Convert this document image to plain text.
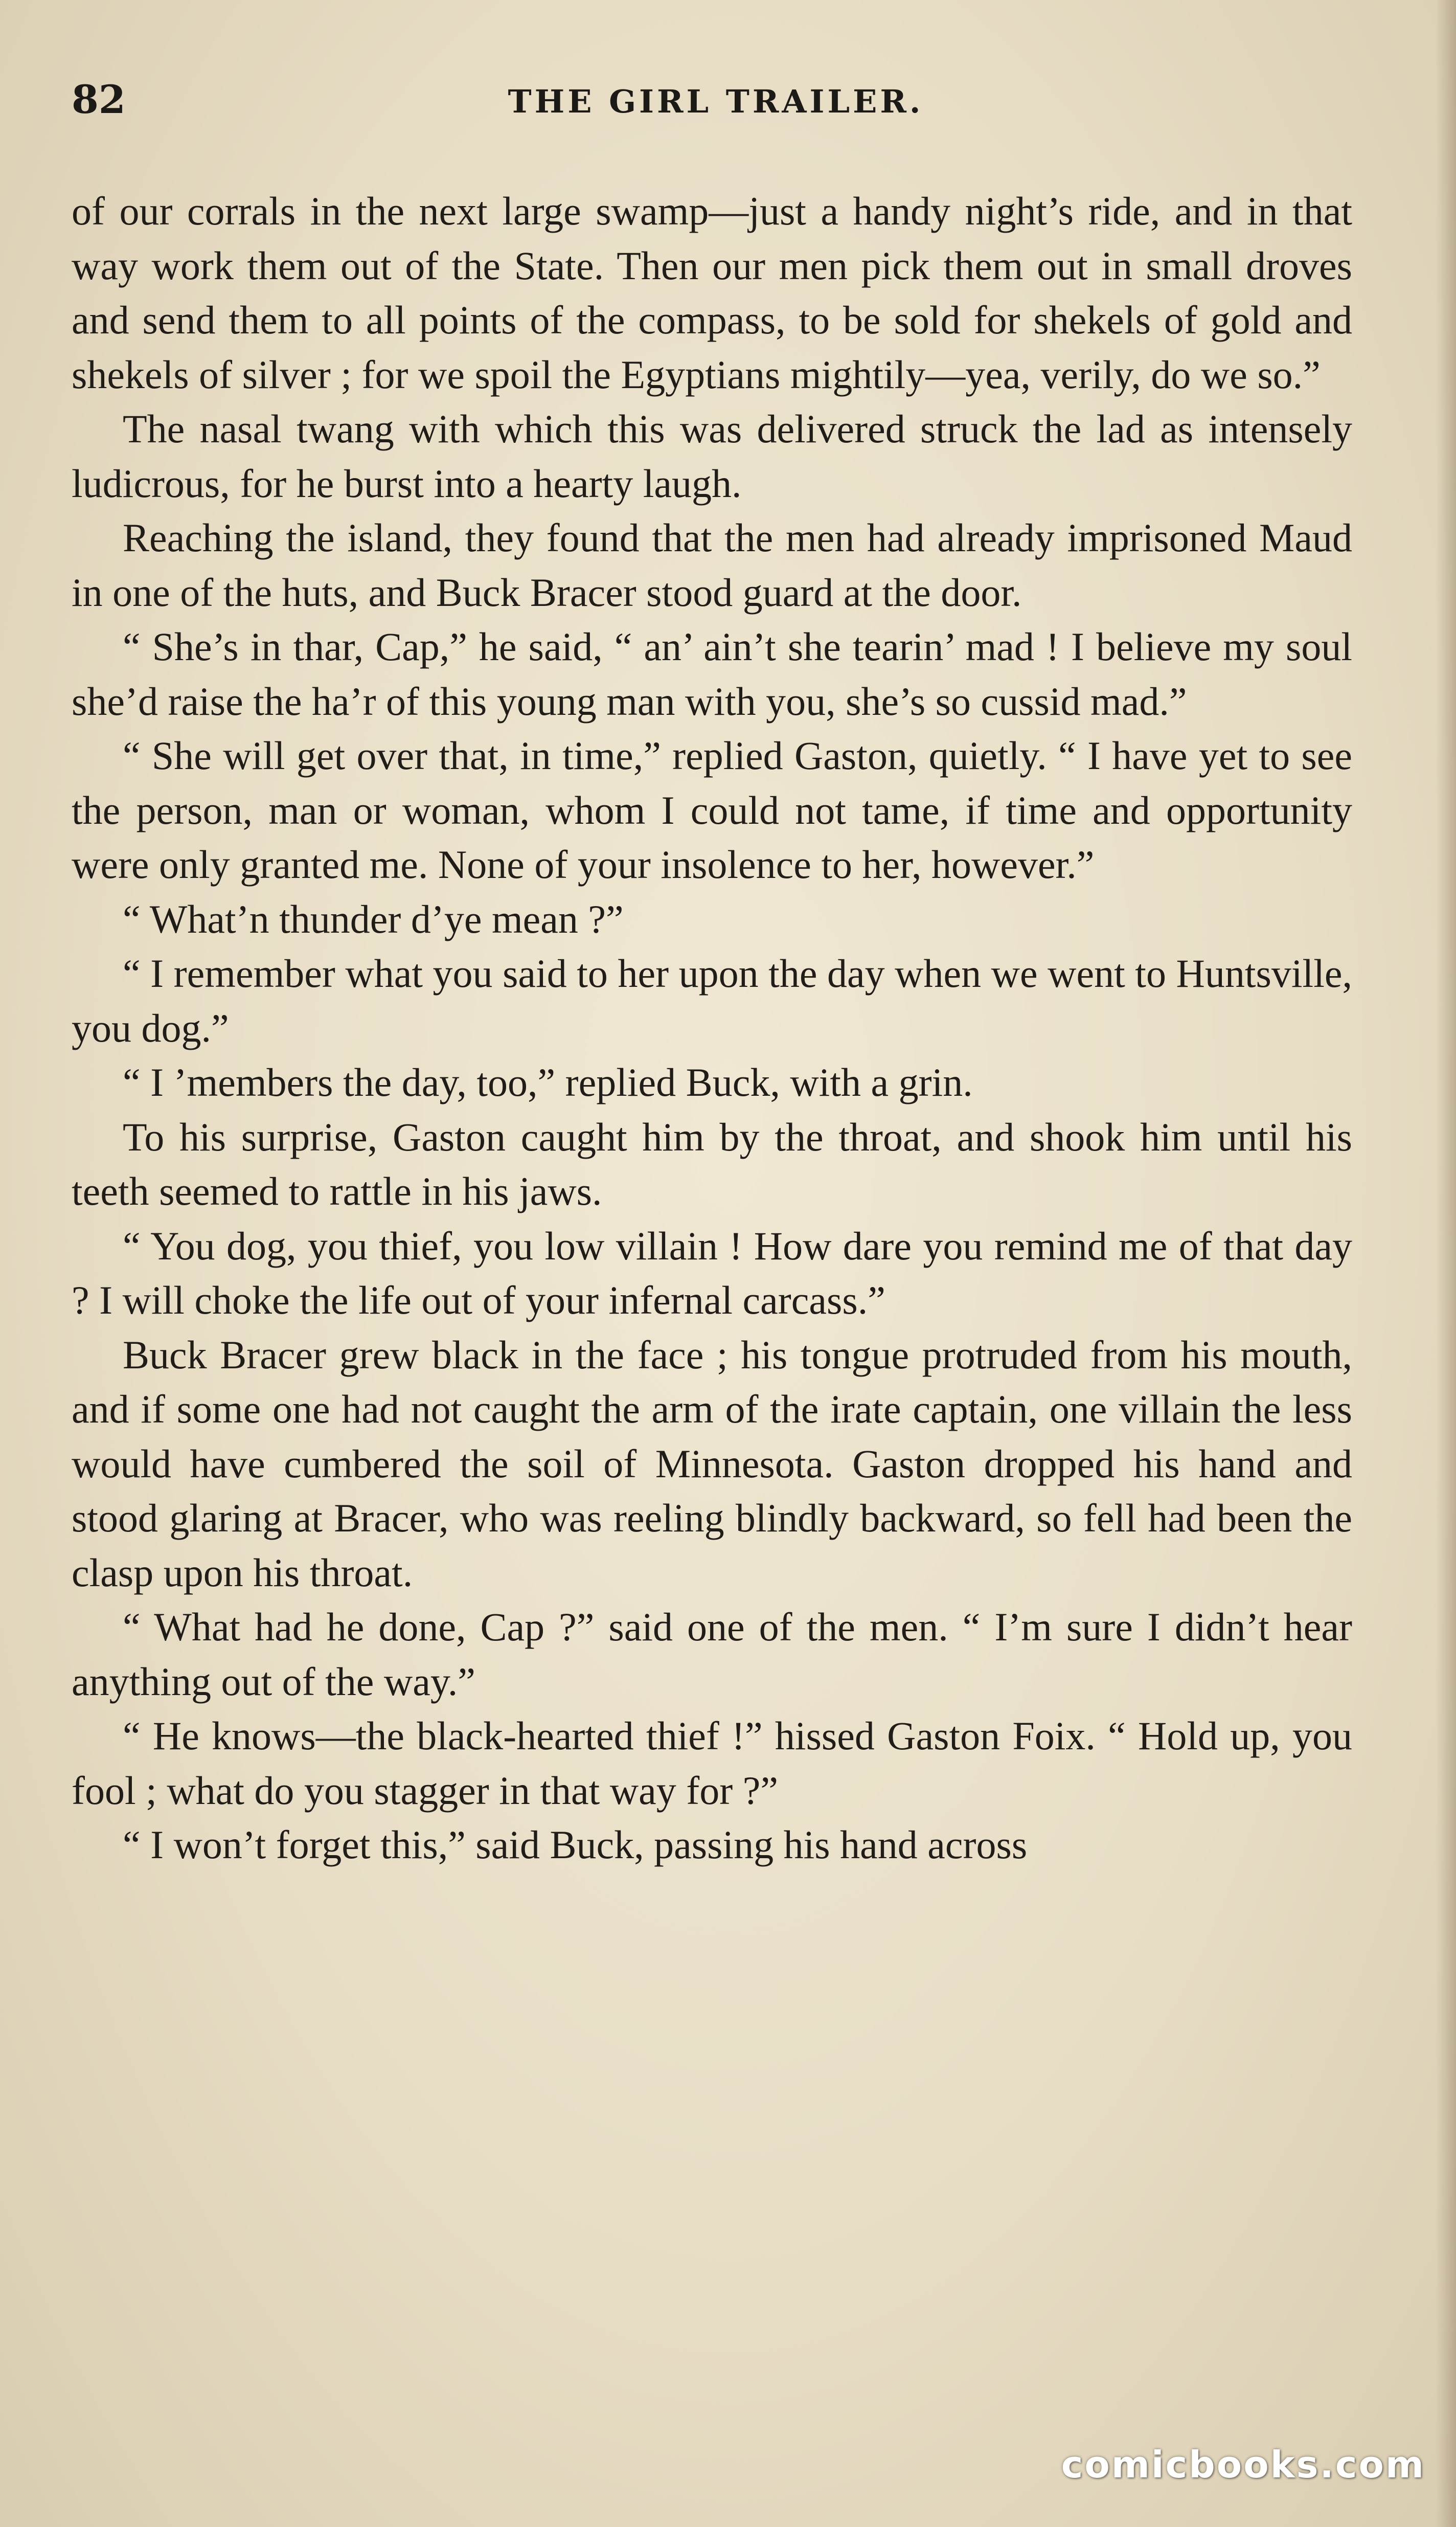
82	THE GIRL TRAILER.

of our corrals in the next large swamp—just a handy night’s ride, and in that way work them out of the State. Then our men pick them out in small droves and send them to all points of the compass, to be sold for shekels of gold and shekels of silver ; for we spoil the Egyptians mightily—yea, verily, do we so.”

The nasal twang with which this was delivered struck the lad as intensely ludicrous, for he burst into a hearty laugh.

Reaching the island, they found that the men had already imprisoned Maud in one of the huts, and Buck Bracer stood guard at the door.

“ She’s in thar, Cap,” he said, “ an’ ain’t she tearin’ mad ! I believe my soul she’d raise the ha’r of this young man with you, she’s so cussid mad.”

“ She will get over that, in time,” replied Gaston, quietly. “ I have yet to see the person, man or woman, whom I could not tame, if time and opportunity were only granted me. None of your insolence to her, however.”

“ What’n thunder d’ye mean ?”

“ I remember what you said to her upon the day when we went to Huntsville, you dog.”

“ I ’members the day, too,” replied Buck, with a grin.

To his surprise, Gaston caught him by the throat, and shook him until his teeth seemed to rattle in his jaws.

“ You dog, you thief, you low villain ! How dare you remind me of that day ? I will choke the life out of your infernal carcass.”

Buck Bracer grew black in the face ; his tongue protruded from his mouth, and if some one had not caught the arm of the irate captain, one villain the less would have cumbered the soil of Minnesota. Gaston dropped his hand and stood glaring at Bracer, who was reeling blindly backward, so fell had been the clasp upon his throat.

“ What had he done, Cap ?” said one of the men. “ I’m sure I didn’t hear anything out of the way.”

“ He knows—the black-hearted thief !” hissed Gaston Foix. “ Hold up, you fool ; what do you stagger in that way for ?”

“ I won’t forget this,” said Buck, passing his hand across

comicbooks.com
